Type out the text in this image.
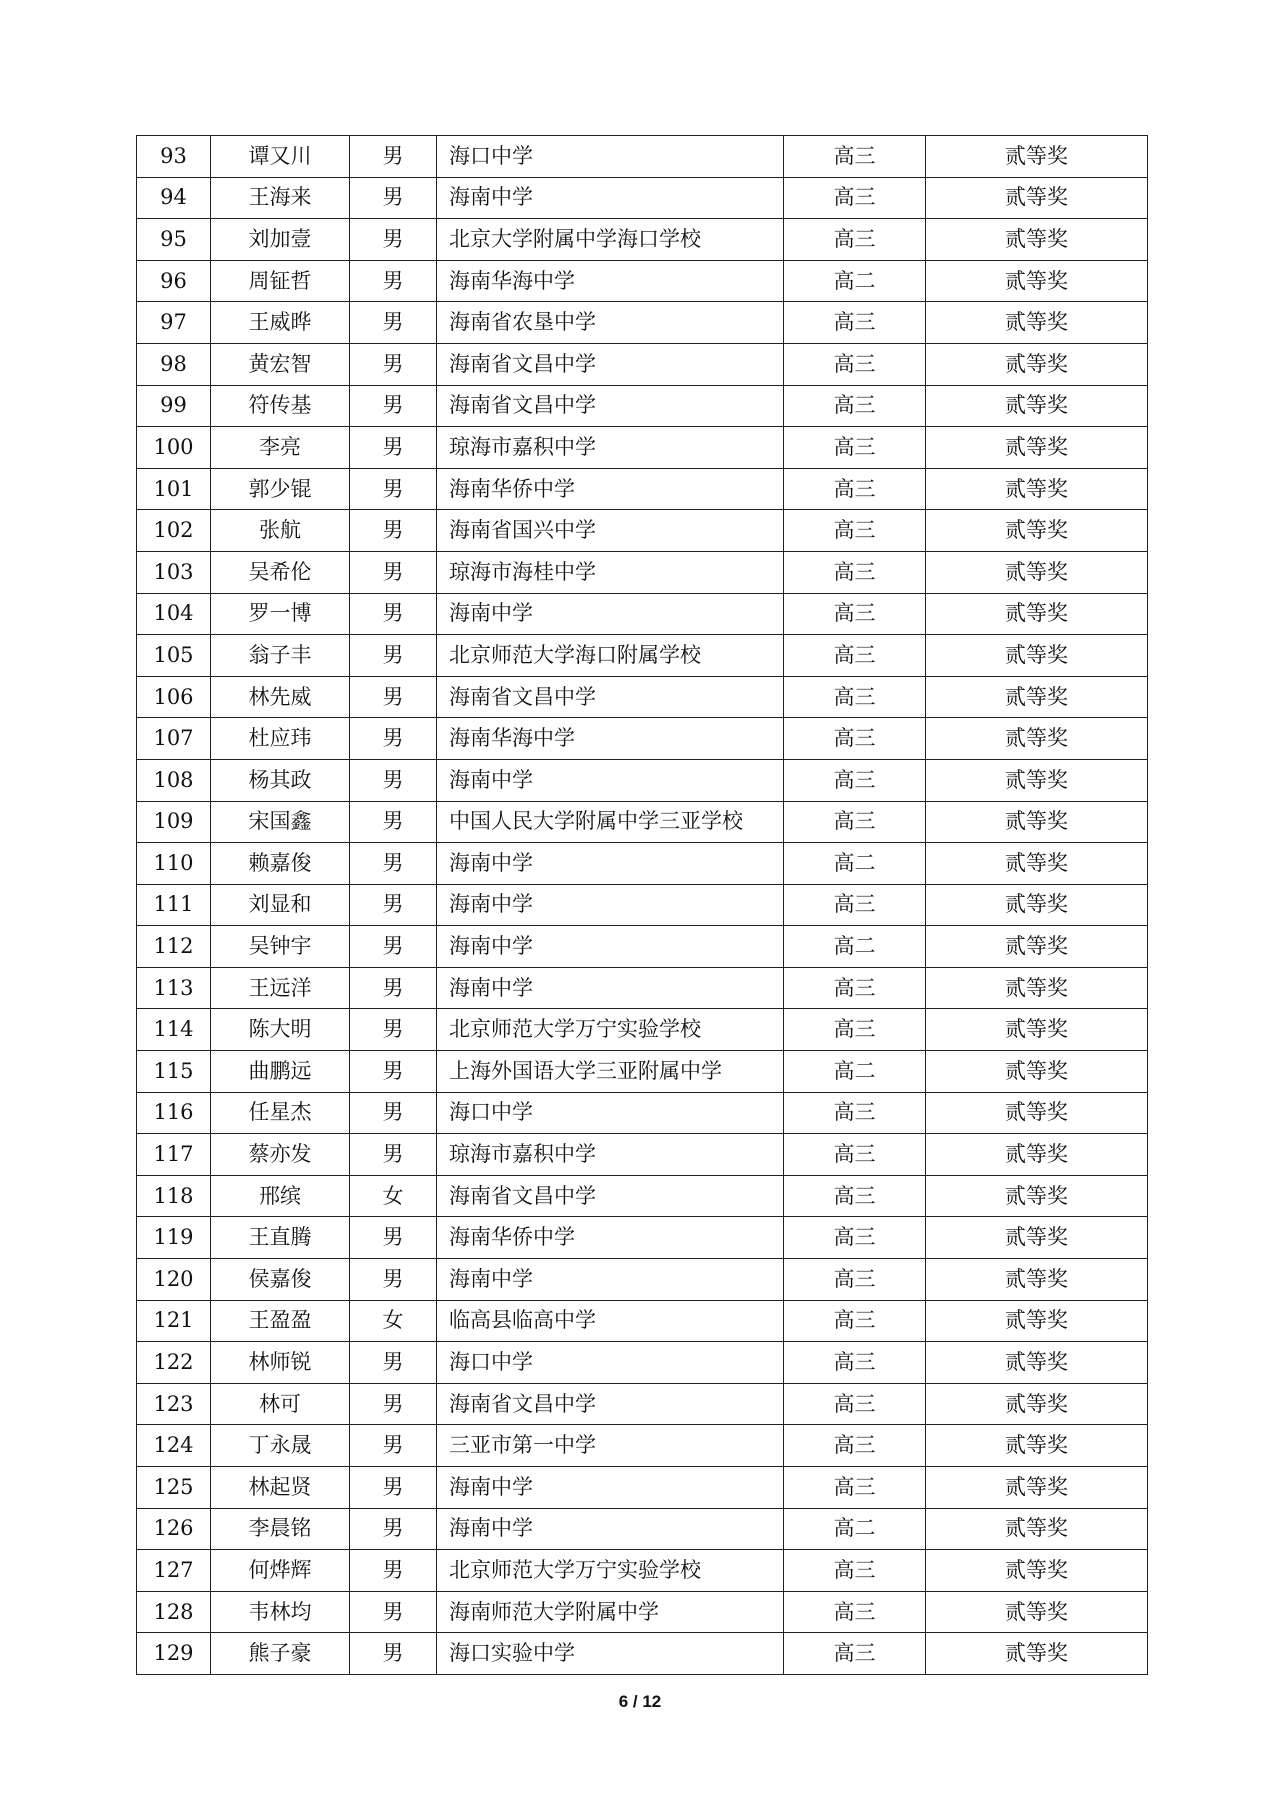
93	谭又川	男	海口中学	高三	贰等奖
94	王海来	男	海南中学	高三	贰等奖
95	刘加壹	男	北京大学附属中学海口学校	高三	贰等奖
96	周钲哲	男	海南华海中学	高二	贰等奖
97	王威晔	男	海南省农垦中学	高三	贰等奖
98	黄宏智	男	海南省文昌中学	高三	贰等奖
99	符传基	男	海南省文昌中学	高三	贰等奖
100	李亮	男	琼海市嘉积中学	高三	贰等奖
101	郭少锟	男	海南华侨中学	高三	贰等奖
102	张航	男	海南省国兴中学	高三	贰等奖
103	吴希伦	男	琼海市海桂中学	高三	贰等奖
104	罗一博	男	海南中学	高三	贰等奖
105	翁子丰	男	北京师范大学海口附属学校	高三	贰等奖
106	林先威	男	海南省文昌中学	高三	贰等奖
107	杜应玮	男	海南华海中学	高三	贰等奖
108	杨其政	男	海南中学	高三	贰等奖
109	宋国鑫	男	中国人民大学附属中学三亚学校	高三	贰等奖
110	赖嘉俊	男	海南中学	高二	贰等奖
111	刘显和	男	海南中学	高三	贰等奖
112	吴钟宇	男	海南中学	高二	贰等奖
113	王远洋	男	海南中学	高三	贰等奖
114	陈大明	男	北京师范大学万宁实验学校	高三	贰等奖
115	曲鹏远	男	上海外国语大学三亚附属中学	高二	贰等奖
116	任星杰	男	海口中学	高三	贰等奖
117	蔡亦发	男	琼海市嘉积中学	高三	贰等奖
118	邢缤	女	海南省文昌中学	高三	贰等奖
119	王直腾	男	海南华侨中学	高三	贰等奖
120	侯嘉俊	男	海南中学	高三	贰等奖
121	王盈盈	女	临高县临高中学	高三	贰等奖
122	林师锐	男	海口中学	高三	贰等奖
123	林可	男	海南省文昌中学	高三	贰等奖
124	丁永晟	男	三亚市第一中学	高三	贰等奖
125	林起贤	男	海南中学	高三	贰等奖
126	李晨铭	男	海南中学	高二	贰等奖
127	何烨辉	男	北京师范大学万宁实验学校	高三	贰等奖
128	韦林均	男	海南师范大学附属中学	高三	贰等奖
129	熊子豪	男	海口实验中学	高三	贰等奖
6 / 12
